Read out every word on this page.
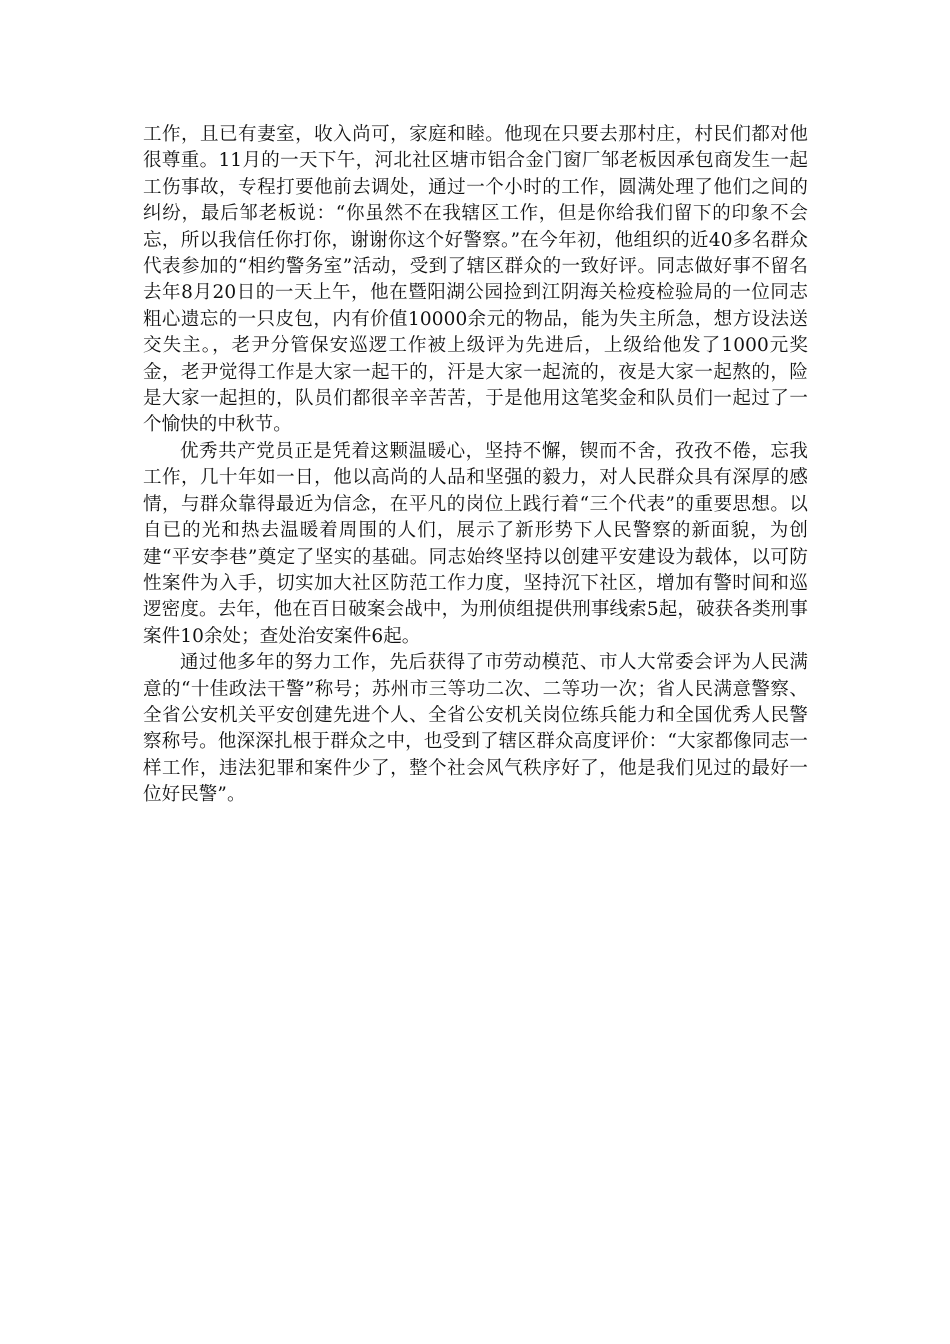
工作，且已有妻室，收入尚可，家庭和睦。他现在只要去那村庄，村民们都对他很尊重。11月的一天下午，河北社区塘市铝合金门窗厂邹老板因承包商发生一起工伤事故，专程打要他前去调处，通过一个小时的工作，圆满处理了他们之间的纠纷，最后邹老板说：“你虽然不在我辖区工作，但是你给我们留下的印象不会忘，所以我信任你打你，谢谢你这个好警察。”在今年初，他组织的近40多名群众代表参加的“相约警务室”活动，受到了辖区群众的一致好评。同志做好事不留名去年8月20日的一天上午，他在暨阳湖公园捡到江阴海关检疫检验局的一位同志粗心遗忘的一只皮包，内有价值10000余元的物品，能为失主所急，想方设法送交失主。，老尹分管保安巡逻工作被上级评为先进后，上级给他发了1000元奖金，老尹觉得工作是大家一起干的，汗是大家一起流的，夜是大家一起熬的，险是大家一起担的，队员们都很辛辛苦苦，于是他用这笔奖金和队员们一起过了一个愉快的中秋节。

优秀共产党员正是凭着这颗温暖心，坚持不懈，锲而不舍，孜孜不倦，忘我工作，几十年如一日，他以高尚的人品和坚强的毅力，对人民群众具有深厚的感情，与群众靠得最近为信念，在平凡的岗位上践行着“三个代表”的重要思想。以自已的光和热去温暖着周围的人们，展示了新形势下人民警察的新面貌，为创建“平安李巷”奠定了坚实的基础。同志始终坚持以创建平安建设为载体，以可防性案件为入手，切实加大社区防范工作力度，坚持沉下社区，增加有警时间和巡逻密度。去年，他在百日破案会战中，为刑侦组提供刑事线索5起，破获各类刑事案件10余处；查处治安案件6起。

通过他多年的努力工作，先后获得了市劳动模范、市人大常委会评为人民满意的“十佳政法干警”称号；苏州市三等功二次、二等功一次；省人民满意警察、全省公安机关平安创建先进个人、全省公安机关岗位练兵能力和全国优秀人民警察称号。他深深扎根于群众之中，也受到了辖区群众高度评价：“大家都像同志一样工作，违法犯罪和案件少了，整个社会风气秩序好了，他是我们见过的最好一位好民警”。
